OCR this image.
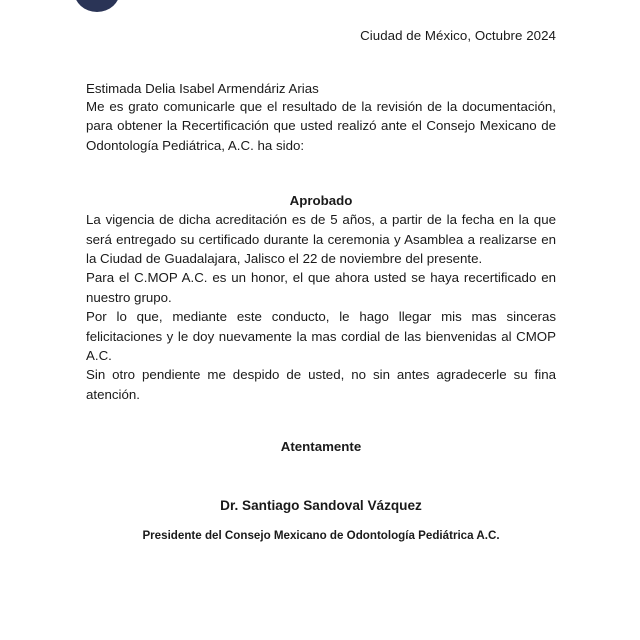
Ciudad de México, Octubre 2024
Estimada Delia Isabel Armendáriz Arias

Me es grato comunicarle que el resultado de la revisión de la documentación, para obtener la Recertificación que usted realizó ante el Consejo Mexicano de Odontología Pediátrica, A.C. ha sido:

Aprobado

La vigencia de dicha acreditación es de 5 años, a partir de la fecha en la que será entregado su certificado durante la ceremonia y Asamblea a realizarse en la Ciudad de Guadalajara, Jalisco el 22 de noviembre del presente.

Para el C.MOP A.C. es un honor, el que ahora usted se haya recertificado en nuestro grupo.

Por lo que, mediante este conducto, le hago llegar mis mas sinceras felicitaciones y le doy nuevamente la mas cordial de las bienvenidas al CMOP A.C.

Sin otro pendiente me despido de usted, no sin antes agradecerle su fina atención.

Atentamente
Dr. Santiago Sandoval Vázquez
Presidente del Consejo Mexicano de Odontología Pediátrica A.C.
